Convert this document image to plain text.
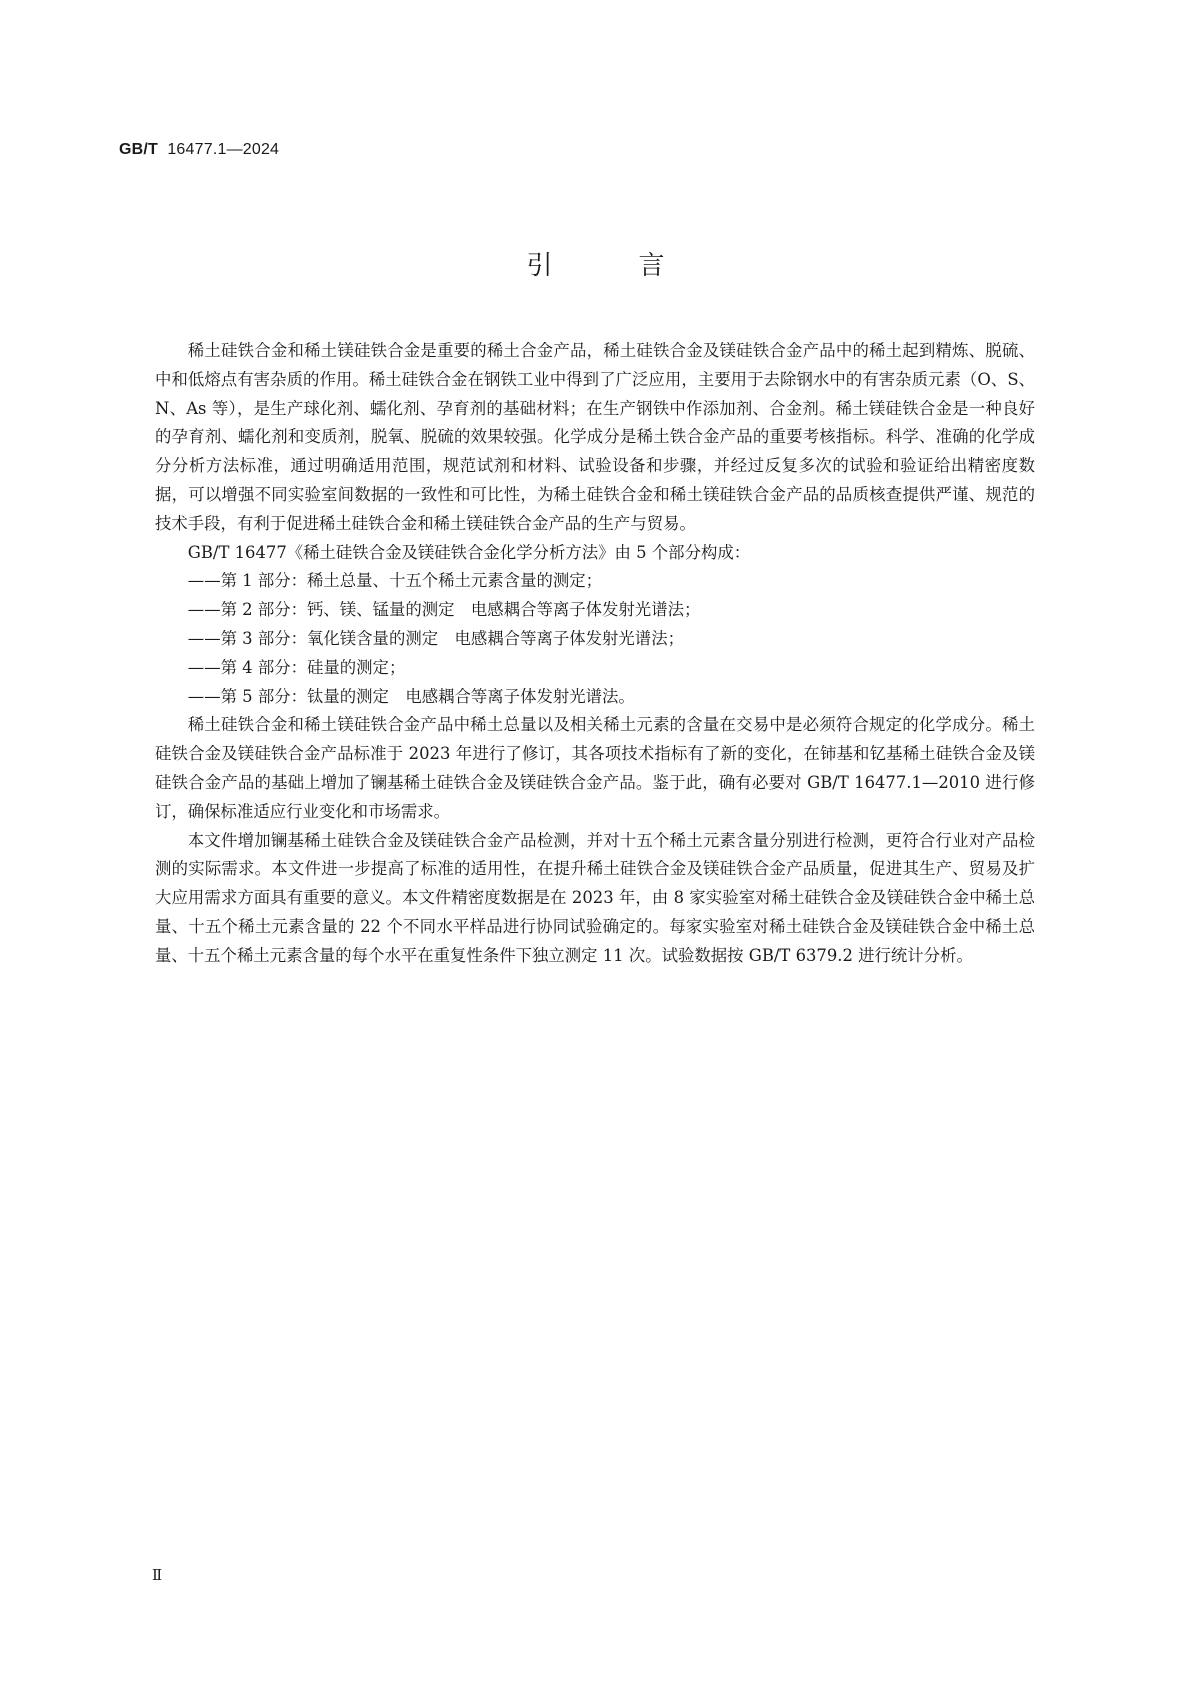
GB/T 16477.1—2024
引　言

稀土硅铁合金和稀土镁硅铁合金是重要的稀土合金产品，稀土硅铁合金及镁硅铁合金产品中的稀土起到精炼、脱硫、中和低熔点有害杂质的作用。稀土硅铁合金在钢铁工业中得到了广泛应用，主要用于去除钢水中的有害杂质元素（O、S、N、As 等），是生产球化剂、蠕化剂、孕育剂的基础材料；在生产钢铁中作添加剂、合金剂。稀土镁硅铁合金是一种良好的孕育剂、蠕化剂和变质剂，脱氧、脱硫的效果较强。化学成分是稀土铁合金产品的重要考核指标。科学、准确的化学成分分析方法标准，通过明确适用范围，规范试剂和材料、试验设备和步骤，并经过反复多次的试验和验证给出精密度数据，可以增强不同实验室间数据的一致性和可比性，为稀土硅铁合金和稀土镁硅铁合金产品的品质核查提供严谨、规范的技术手段，有利于促进稀土硅铁合金和稀土镁硅铁合金产品的生产与贸易。

GB/T 16477《稀土硅铁合金及镁硅铁合金化学分析方法》由 5 个部分构成：

——第 1 部分：稀土总量、十五个稀土元素含量的测定；

——第 2 部分：钙、镁、锰量的测定　电感耦合等离子体发射光谱法；

——第 3 部分：氧化镁含量的测定　电感耦合等离子体发射光谱法；

——第 4 部分：硅量的测定；

——第 5 部分：钛量的测定　电感耦合等离子体发射光谱法。

稀土硅铁合金和稀土镁硅铁合金产品中稀土总量以及相关稀土元素的含量在交易中是必须符合规定的化学成分。稀土硅铁合金及镁硅铁合金产品标准于 2023 年进行了修订，其各项技术指标有了新的变化，在铈基和钇基稀土硅铁合金及镁硅铁合金产品的基础上增加了镧基稀土硅铁合金及镁硅铁合金产品。鉴于此，确有必要对 GB/T 16477.1—2010 进行修订，确保标准适应行业变化和市场需求。

本文件增加镧基稀土硅铁合金及镁硅铁合金产品检测，并对十五个稀土元素含量分别进行检测，更符合行业对产品检测的实际需求。本文件进一步提高了标准的适用性，在提升稀土硅铁合金及镁硅铁合金产品质量，促进其生产、贸易及扩大应用需求方面具有重要的意义。本文件精密度数据是在 2023 年，由 8 家实验室对稀土硅铁合金及镁硅铁合金中稀土总量、十五个稀土元素含量的 22 个不同水平样品进行协同试验确定的。每家实验室对稀土硅铁合金及镁硅铁合金中稀土总量、十五个稀土元素含量的每个水平在重复性条件下独立测定 11 次。试验数据按 GB/T 6379.2 进行统计分析。

Ⅱ
